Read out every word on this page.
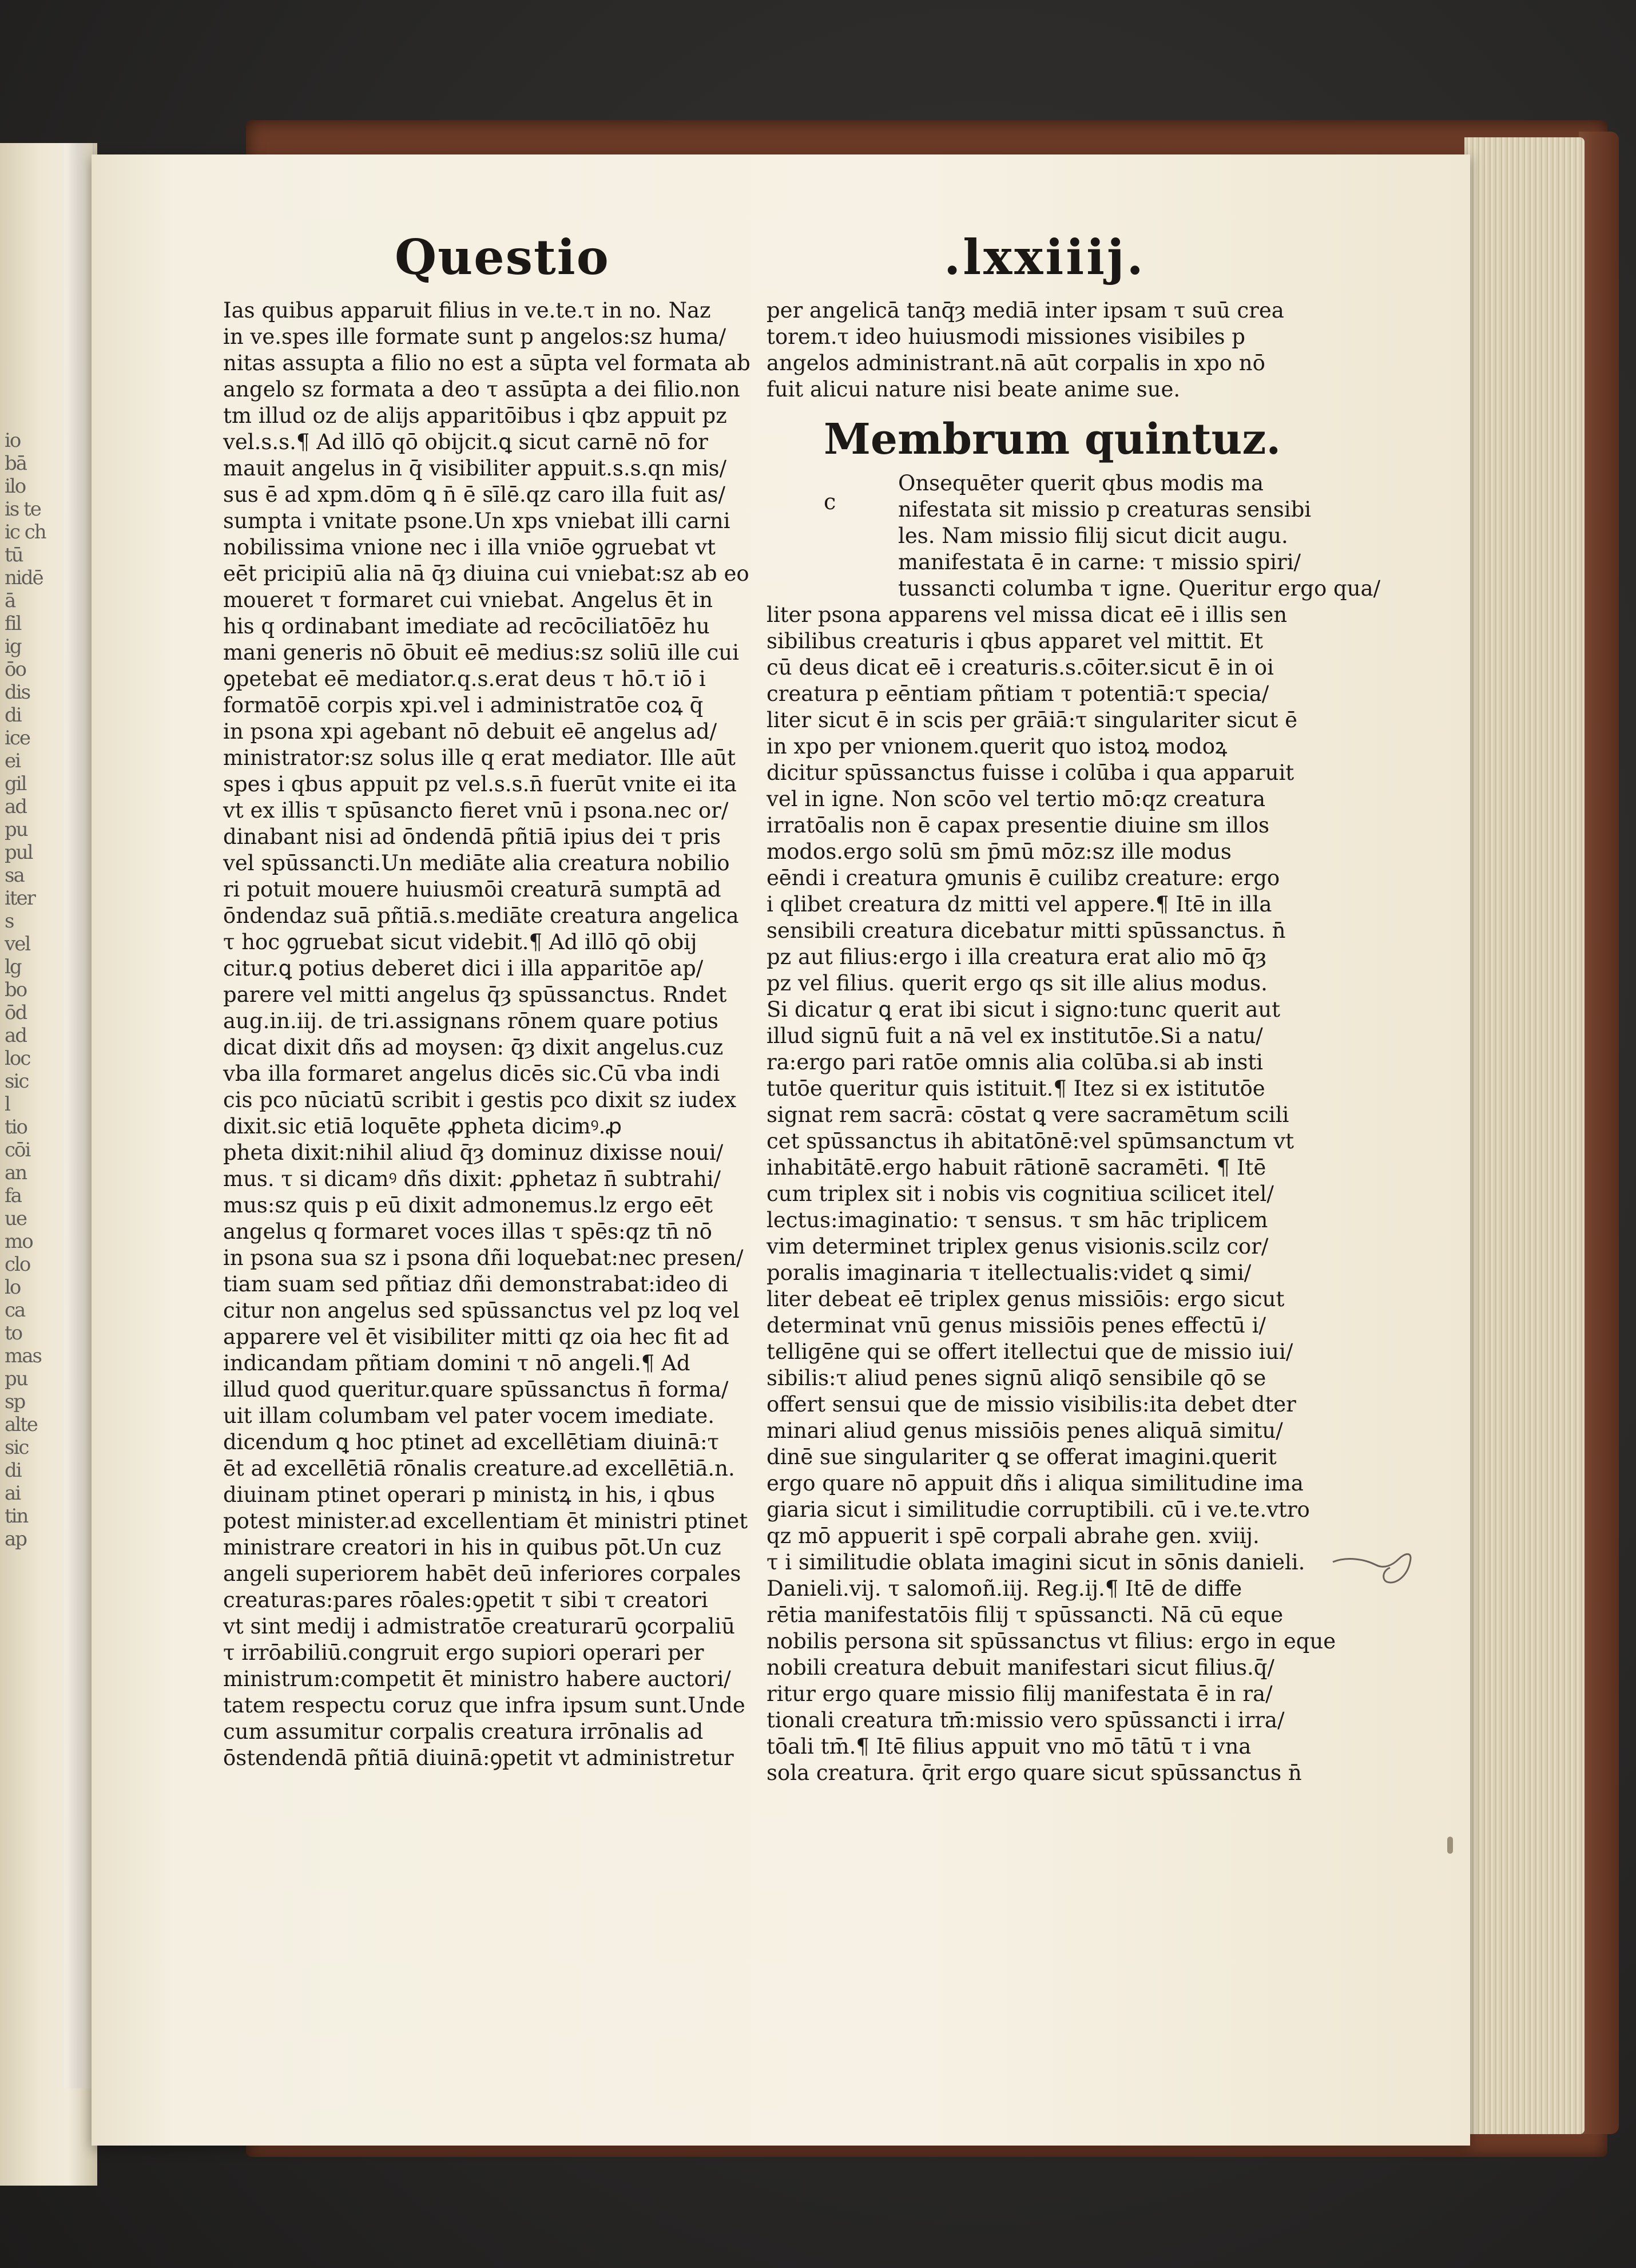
io
bā
ilo
is te
ic ch
tū
nidē
ā
fil
ig
ōo
dis
di
ice
ei
gil
ad
pu
pul
sa
iter
s
vel
lg
bo
ōd
ad
loc
sic
l
tio
cōi
an
fa
ue
mo
clo
lo
ca
to
mas
pu
sp
alte
sic
di
ai
tin
ap
Questio	.lxxiiij.
Ias quibus apparuit filius in ve.te.τ in no. Naz
in ve.spes ille formate sunt p angelos:sz huma/
nitas assupta a filio no est a sūpta vel formata ab
angelo sz formata a deo τ assūpta a dei filio.non
tm illud oz de alijs apparitōibus i qbz appuit pz
vel.s.s.¶ Ad illō qō obijcit.ꝗ sicut carnē nō for
mauit angelus in q̄ visibiliter appuit.s.s.qn mis/
sus ē ad xpm.dōm ꝗ n̄ ē sīlē.qz caro illa fuit as/
sumpta i vnitate psone.Un xps vniebat illi carni
nobilissima vnione nec i illa vniōe ꝯgruebat vt
eēt pricipiū alia nā q̄ȝ diuina cui vniebat:sz ab eo
moueret τ formaret cui vniebat. Angelus ēt in
his q ordinabant imediate ad recōciliatōēz hu
mani generis nō ōbuit eē medius:sz soliū ille cui
ꝯpetebat eē mediator.q.s.erat deus τ hō.τ iō i
formatōē corpis xpi.vel i administratōe coꝝ q̄
in psona xpi agebant nō debuit eē angelus ad/
ministrator:sz solus ille q erat mediator. Ille aūt
spes i qbus appuit pz vel.s.s.n̄ fuerūt vnite ei ita
vt ex illis τ spūsancto fieret vnū i psona.nec or/
dinabant nisi ad ōndendā pñtiā ipius dei τ pris
vel spūssancti.Un mediāte alia creatura nobilio
ri potuit mouere huiusmōi creaturā sumptā ad
ōndendaz suā pñtiā.s.mediāte creatura angelica
τ hoc ꝯgruebat sicut videbit.¶ Ad illō qō obij
citur.ꝗ potius deberet dici i illa apparitōe ap/
parere vel mitti angelus q̄ȝ spūssanctus. Rndet
aug.in.iij. de tri.assignans rōnem quare potius
dicat dixit dñs ad moysen: q̄ȝ dixit angelus.cuz
vba illa formaret angelus dicēs sic.Cū vba indi
cis pco nūciatū scribit i gestis pco dixit sz iudex
dixit.sic etiā loquēte ꝓpheta dicimꝰ.ꝓ
pheta dixit:nihil aliud q̄ȝ dominuz dixisse noui/
mus. τ si dicamꝰ dñs dixit: ꝓphetaz n̄ subtrahi/
mus:sz quis p eū dixit admonemus.lz ergo eēt
angelus q formaret voces illas τ spēs:qz tn̄ nō
in psona sua sz i psona dñi loquebat:nec presen/
tiam suam sed pñtiaz dñi demonstrabat:ideo di
citur non angelus sed spūssanctus vel pz loq vel
apparere vel ēt visibiliter mitti qz oia hec fit ad
indicandam pñtiam domini τ nō angeli.¶ Ad
illud quod queritur.quare spūssanctus n̄ forma/
uit illam columbam vel pater vocem imediate.
dicendum ꝗ hoc ptinet ad excellētiam diuinā:τ
ēt ad excellētiā rōnalis creature.ad excellētiā.n.
diuinam ptinet operari p ministꝝ in his, i qbus
potest minister.ad excellentiam ēt ministri ptinet
ministrare creatori in his in quibus pōt.Un cuz
angeli superiorem habēt deū inferiores corpales
creaturas:pares rōales:ꝯpetit τ sibi τ creatori
vt sint medij i admistratōe creaturarū ꝯcorpaliū
τ irrōabiliū.congruit ergo supiori operari per
ministrum:competit ēt ministro habere auctori/
tatem respectu coruz que infra ipsum sunt.Unde
cum assumitur corpalis creatura irrōnalis ad
ōstendendā pñtiā diuinā:ꝯpetit vt administretur
per angelicā tanq̄ȝ mediā inter ipsam τ suū crea
torem.τ ideo huiusmodi missiones visibiles p
angelos administrant.nā aūt corpalis in xpo nō
fuit alicui nature nisi beate anime sue.
Membrum quintuz.
Onsequēter querit qbus modis ma
nifestata sit missio p creaturas sensibi
les. Nam missio filij sicut dicit augu.
manifestata ē in carne: τ missio spiri/
tussancti columba τ igne. Queritur ergo qua/
liter psona apparens vel missa dicat eē i illis sen
sibilibus creaturis i qbus apparet vel mittit. Et
cū deus dicat eē i creaturis.s.cōiter.sicut ē in oi
creatura p eēntiam pñtiam τ potentiā:τ specia/
liter sicut ē in scis per grāiā:τ singulariter sicut ē
in xpo per vnionem.querit quo istoꝝ modoꝝ
dicitur spūssanctus fuisse i colūba i qua apparuit
vel in igne. Non scōo vel tertio mō:qz creatura
irratōalis non ē capax presentie diuine sm illos
modos.ergo solū sm p̄mū mōz:sz ille modus
eēndi i creatura ꝯmunis ē cuilibz creature: ergo
i qlibet creatura dz mitti vel appere.¶ Itē in illa
sensibili creatura dicebatur mitti spūssanctus. n̄
pz aut filius:ergo i illa creatura erat alio mō q̄ȝ
pz vel filius. querit ergo qs sit ille alius modus.
Si dicatur ꝗ erat ibi sicut i signo:tunc querit aut
illud signū fuit a nā vel ex institutōe.Si a natu/
ra:ergo pari ratōe omnis alia colūba.si ab insti
tutōe queritur quis istituit.¶ Itez si ex istitutōe
signat rem sacrā: cōstat ꝗ vere sacramētum scili
cet spūssanctus ih abitatōnē:vel spūmsanctum vt
inhabitātē.ergo habuit rātionē sacramēti. ¶ Itē
cum triplex sit i nobis vis cognitiua scilicet itel/
lectus:imaginatio: τ sensus. τ sm hāc triplicem
vim determinet triplex genus visionis.scilz cor/
poralis imaginaria τ itellectualis:videt ꝗ simi/
liter debeat eē triplex genus missiōis: ergo sicut
determinat vnū genus missiōis penes effectū i/
telligēne qui se offert itellectui que de missio iui/
sibilis:τ aliud penes signū aliqō sensibile qō se
offert sensui que de missio visibilis:ita debet dter
minari aliud genus missiōis penes aliquā simitu/
dinē sue singulariter ꝗ se offerat imagini.querit
ergo quare nō appuit dñs i aliqua similitudine ima
giaria sicut i similitudie corruptibili. cū i ve.te.vtro
qz mō appuerit i spē corpali abrahe gen. xviij.
τ i similitudie oblata imagini sicut in sōnis danieli.
Danieli.vij. τ salomoñ.iij. Reg.ij.¶ Itē de diffe
rētia manifestatōis filij τ spūssancti. Nā cū eque
nobilis persona sit spūssanctus vt filius: ergo in eque
nobili creatura debuit manifestari sicut filius.q̄/
ritur ergo quare missio filij manifestata ē in ra/
tionali creatura tm̄:missio vero spūssancti i irra/
tōali tm̄.¶ Itē filius appuit vno mō tātū τ i vna
sola creatura. q̄rit ergo quare sicut spūssanctus n̄
c
